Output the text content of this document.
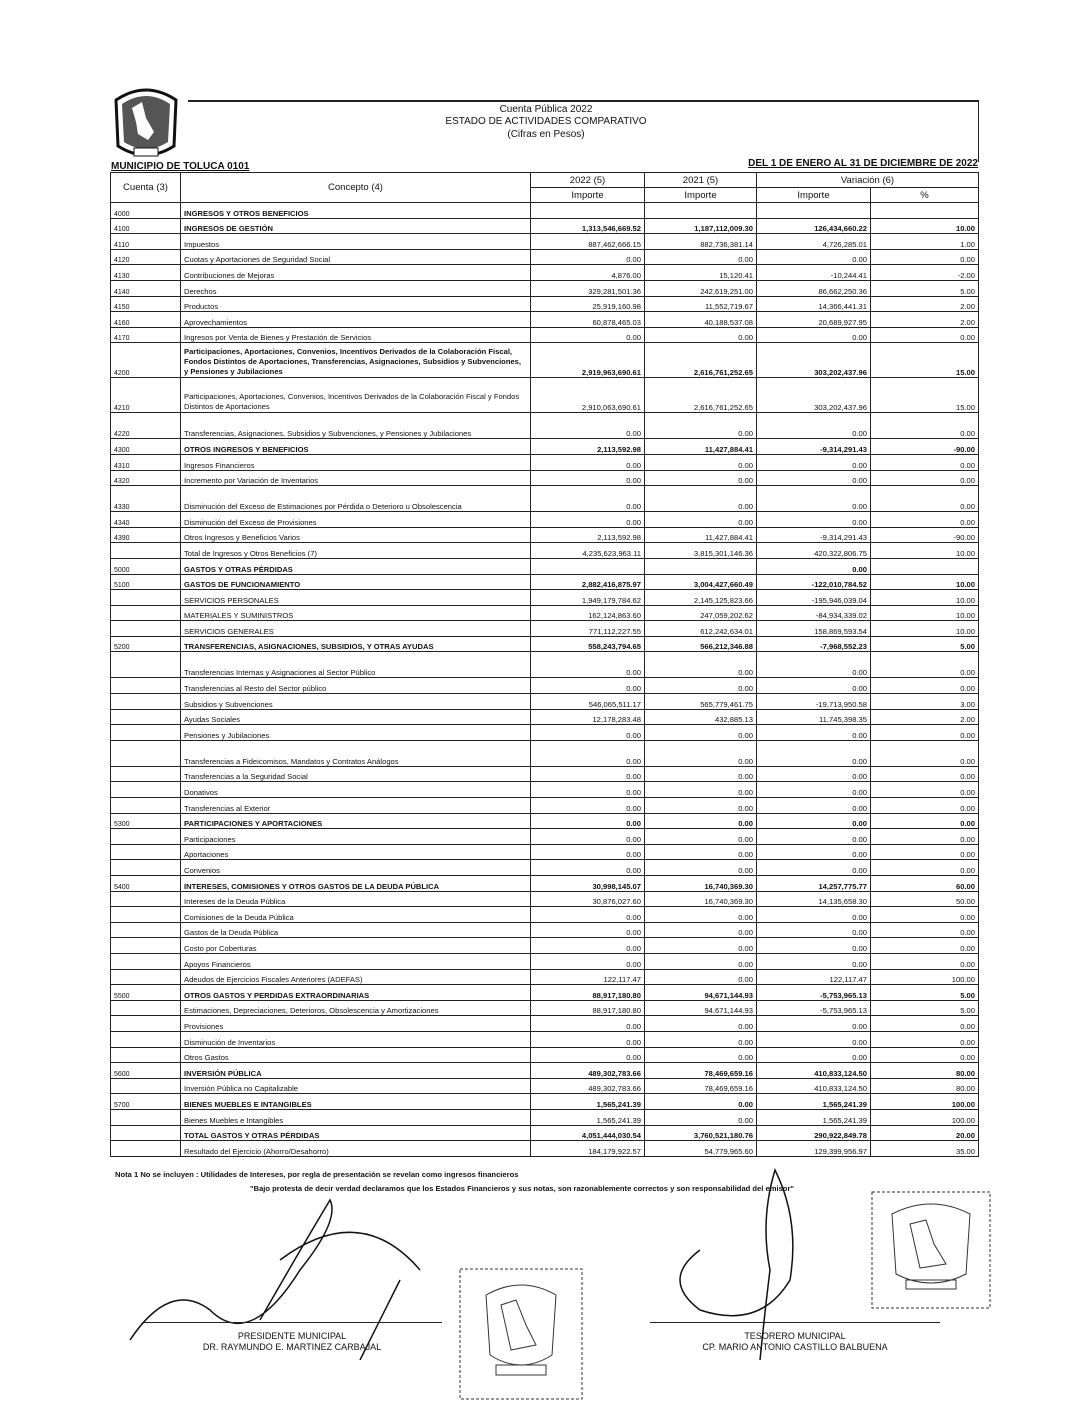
Cuenta Pública 2022
ESTADO DE ACTIVIDADES COMPARATIVO
(Cifras en Pesos)
MUNICIPIO DE TOLUCA 0101	DEL 1 DE ENERO AL 31 DE DICIEMBRE DE 2022
Cuenta (3)	Concepto (4)	2022 (5)	2021 (5)	Variación (6)	
		Importe	Importe	Importe	%
4000	INGRESOS Y OTROS BENEFICIOS				
4100	INGRESOS DE GESTIÓN	1,313,546,669.52	1,187,112,009.30	126,434,660.22	10.00
4110	Impuestos	887,462,666.15	882,736,381.14	4,726,285.01	1.00
4120	Cuotas y Aportaciones de Seguridad Social	0.00	0.00	0.00	0.00
4130	Contribuciones de Mejoras	4,876.00	15,120.41	-10,244.41	-2.00
4140	Derechos	329,281,501.36	242,619,251.00	86,662,250.36	5.00
4150	Productos	25,919,160.98	11,552,719.67	14,366,441.31	2.00
4160	Aprovechamientos	60,878,465.03	40,188,537.08	20,689,927.95	2.00
4170	Ingresos por Venta de Bienes y Prestación de Servicios	0.00	0.00	0.00	0.00
4200	Participaciones, Aportaciones, Convenios, Incentivos Derivados de la Colaboración Fiscal, Fondos Distintos de Aportaciones, Transferencias, Asignaciones, Subsidios y Subvenciones, y Pensiones y Jubilaciones	2,919,963,690.61	2,616,761,252.65	303,202,437.96	15.00
4210	Participaciones, Aportaciones, Convenios, Incentivos Derivados de la Colaboración Fiscal y Fondos Distintos de Aportaciones	2,910,063,690.61	2,616,761,252.65	303,202,437.96	15.00
4220	Transferencias, Asignaciones, Subsidios y Subvenciones, y Pensiones y Jubilaciones	0.00	0.00	0.00	0.00
4300	OTROS INGRESOS Y BENEFICIOS	2,113,592.98	11,427,884.41	-9,314,291.43	-90.00
4310	Ingresos Financieros	0.00	0.00	0.00	0.00
4320	Incremento por Variación de Inventarios	0.00	0.00	0.00	0.00
4330	Disminución del Exceso de Estimaciones por Pérdida o Deterioro u Obsolescencia	0.00	0.00	0.00	0.00
4340	Disminución del Exceso de Provisiones	0.00	0.00	0.00	0.00
4390	Otros Ingresos y Beneficios Varios	2,113,592.98	11,427,884.41	-9,314,291.43	-90.00
	Total de Ingresos y Otros Beneficios (7)	4,235,623,963.11	3,815,301,146.36	420,322,806.75	10.00
5000	GASTOS Y OTRAS PÉRDIDAS			0.00	
5100	GASTOS DE FUNCIONAMIENTO	2,882,416,875.97	3,004,427,660.49	-122,010,784.52	10.00
	SERVICIOS PERSONALES	1,949,179,784.62	2,145,125,823.66	-195,946,039.04	10.00
	MATERIALES Y SUMINISTROS	162,124,863.60	247,059,202.62	-84,934,339.02	10.00
	SERVICIOS GENERALES	771,112,227.55	612,242,634.01	158,869,593.54	10.00
5200	TRANSFERENCIAS, ASIGNACIONES, SUBSIDIOS, Y OTRAS AYUDAS	558,243,794.65	566,212,346.88	-7,968,552.23	5.00
	Transferencias Internas y Asignaciones al Sector Público	0.00	0.00	0.00	0.00
	Transferencias al Resto del Sector público	0.00	0.00	0.00	0.00
	Subsidios y Subvenciones	546,065,511.17	565,779,461.75	-19,713,950.58	3.00
	Ayudas Sociales	12,178,283.48	432,885.13	11,745,398.35	2.00
	Pensiones y Jubilaciones	0.00	0.00	0.00	0.00
	Transferencias a Fideicomisos, Mandatos y Contratos Análogos	0.00	0.00	0.00	0.00
	Transferencias a la Seguridad Social	0.00	0.00	0.00	0.00
	Donativos	0.00	0.00	0.00	0.00
	Transferencias al Exterior	0.00	0.00	0.00	0.00
5300	PARTICIPACIONES Y APORTACIONES	0.00	0.00	0.00	0.00
	Participaciones	0.00	0.00	0.00	0.00
	Aportaciones	0.00	0.00	0.00	0.00
	Convenios	0.00	0.00	0.00	0.00
5400	INTERESES, COMISIONES Y OTROS GASTOS DE LA DEUDA PÚBLICA	30,998,145.07	16,740,369.30	14,257,775.77	60.00
	Intereses de la Deuda Pública	30,876,027.60	16,740,369.30	14,135,658.30	50.00
	Comisiones de la Deuda Pública	0.00	0.00	0.00	0.00
	Gastos de la Deuda Pública	0.00	0.00	0.00	0.00
	Costo por Coberturas	0.00	0.00	0.00	0.00
	Apoyos Financieros	0.00	0.00	0.00	0.00
	Adeudos de Ejercicios Fiscales Anteriores (ADEFAS)	122,117.47	0.00	122,117.47	100.00
5500	OTROS GASTOS Y PERDIDAS EXTRAORDINARIAS	88,917,180.80	94,671,144.93	-5,753,965.13	5.00
	Estimaciones, Depreciaciones, Deterioros, Obsolescencia y Amortizaciones	88,917,180.80	94,671,144.93	-5,753,965.13	5.00
	Provisiones	0.00	0.00	0.00	0.00
	Disminución de Inventarios	0.00	0.00	0.00	0.00
	Otros Gastos	0.00	0.00	0.00	0.00
5600	INVERSIÓN PÚBLICA	489,302,783.66	78,469,659.16	410,833,124.50	80.00
	Inversión Pública no Capitalizable	489,302,783.66	78,469,659.16	410,833,124.50	80.00
5700	BIENES MUEBLES E INTANGIBLES	1,565,241.39	0.00	1,565,241.39	100.00
	Bienes Muebles e Intangibles	1,565,241.39	0.00	1,565,241.39	100.00
	TOTAL GASTOS Y OTRAS PÉRDIDAS	4,051,444,030.54	3,760,521,180.76	290,922,849.78	20.00
	Resultado del Ejercicio (Ahorro/Desahorro)	184,179,922.57	54,779,965.60	129,399,956.97	35.00
Nota 1 No se incluyen : Utilidades de Intereses, por regla de presentación se revelan como ingresos financieros
"Bajo protesta de decir verdad declaramos que los Estados Financieros y sus notas, son razonablemente correctos y son responsabilidad del emisor"
PRESIDENTE MUNICIPAL
DR. RAYMUNDO E. MARTINEZ CARBAJAL
TESORERO MUNICIPAL
CP. MARIO ANTONIO CASTILLO BALBUENA
